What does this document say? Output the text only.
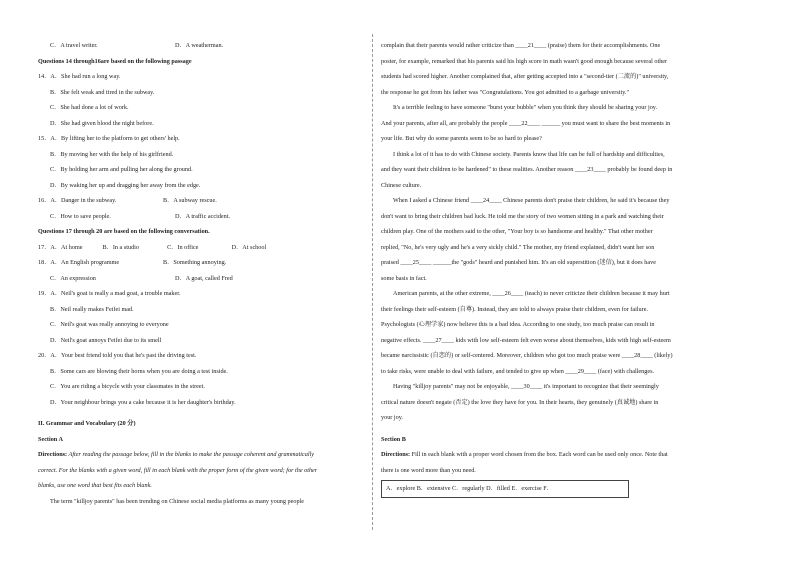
C．A travel writer.	D．A weatherman.
Questions 14 through16are based on the following passage
14．A．She had run a long way.
B．She felt weak and tired in the subway.
C．She had done a lot of work.
D．She had given blood the night before.
15．A．By lifting her to the platform to get others' help.
B．By moving her with the help of his girlfriend.
C．By holding her arm and pulling her along the ground.
D．By waking her up and dragging her away from the edge.
16．A．Danger in the subway.	B．A subway rescue.
C．How to save people.	D．A traffic accident.
Questions 17 through 20 are based on the following conversation.
17．A．At home	B．In a studio	C．In office	D．At school
18．A．An English programme	B．Something annoying.
C．An expression	D．A goat, called Fred
19．A．Neil's goat is really a mad goat, a trouble maker.
B．Neil really makes Feifei mad.
C．Neil's goat was really annoying to everyone
D．Neil's goat annoys Feifei due to its smell
20．A．Your best friend told you that he's past the driving test.
B．Some cars are blowing their horns when you are doing a test inside.
C．You are riding a bicycle with your classmates in the street.
D．Your neighbour brings you a cake because it is her daughter's birthday.
II. Grammar and Vocabulary (20 分)
Section A
Directions: After reading the passage below, fill in the blanks to make the passage coherent and grammatically
correct. For the blanks with a given word, fill in each blank with the proper form of the given word; for the other
blanks, use one word that best fits each blank.
The term "killjoy parents" has been trending on Chinese social media platforms as many young people
complain that their parents would rather criticize than ____21____ (praise) them for their accomplishments. One
poster, for example, remarked that his parents said his high score in math wasn't good enough because several other
students had scored higher. Another complained that, after getting accepted into a "second-tier (二流的)" university,
the response he got from his father was "Congratulations. You got admitted to a garbage university."
It's a terrible feeling to have someone "burst your bubble" when you think they should be sharing your joy.
And your parents, after all, are probably the people ____22____ ______ you must want to share the best moments in
your life. But why do some parents seem to be so hard to please?
I think a lot of it has to do with Chinese society. Parents know that life can be full of hardship and difficulties,
and they want their children to be hardened" to these realities. Another reason ____23____ probably be found deep in
Chinese culture.
When I asked a Chinese friend ____24____ Chinese parents don't praise their children, he said it's because they
don't want to bring their children bad luck. He told me the story of two women sitting in a park and watching their
children play. One of the mothers said to the other, "Your boy is so handsome and healthy." That other mother
replied, "No, he's very ugly and he's a very sickly child." The mother, my friend explained, didn't want her son
praised ____25____ ______the "gods" heard and punished him. It's an old superstition (迷信), but it does have
some basis in fact.
American parents, at the other extreme, ____26____ (teach) to never criticize their children because it may hurt
their feelings their self-esteem (自尊). Instead, they are told to always praise their children, even for failure.
Psychologists (心理学家) now believe this is a bad idea. According to one study, too much praise can result in
negative effects. ____27____ kids with low self-esteem felt even worse about themselves, kids with high self-esteem
became narcissistic (自恋的) or self-centered. Moreover, children who got too much praise were ____28____ (likely)
to take risks, were unable to deal with failure, and tended to give up when ____29____ (face) with challenges.
Having "killjoy parents" may not be enjoyable, ____30____ it's important to recognize that their seemingly
critical nature doesn't negate (否定) the love they have for you. In their hearts, they genuinely (真诚地) share in
your joy.
Section B
Directions: Fill in each blank with a proper word chosen from the box. Each word can be used only once. Note that
there is one word more than you need.
A．explore B．extensive C．regularly D．filled E．exercise F．
